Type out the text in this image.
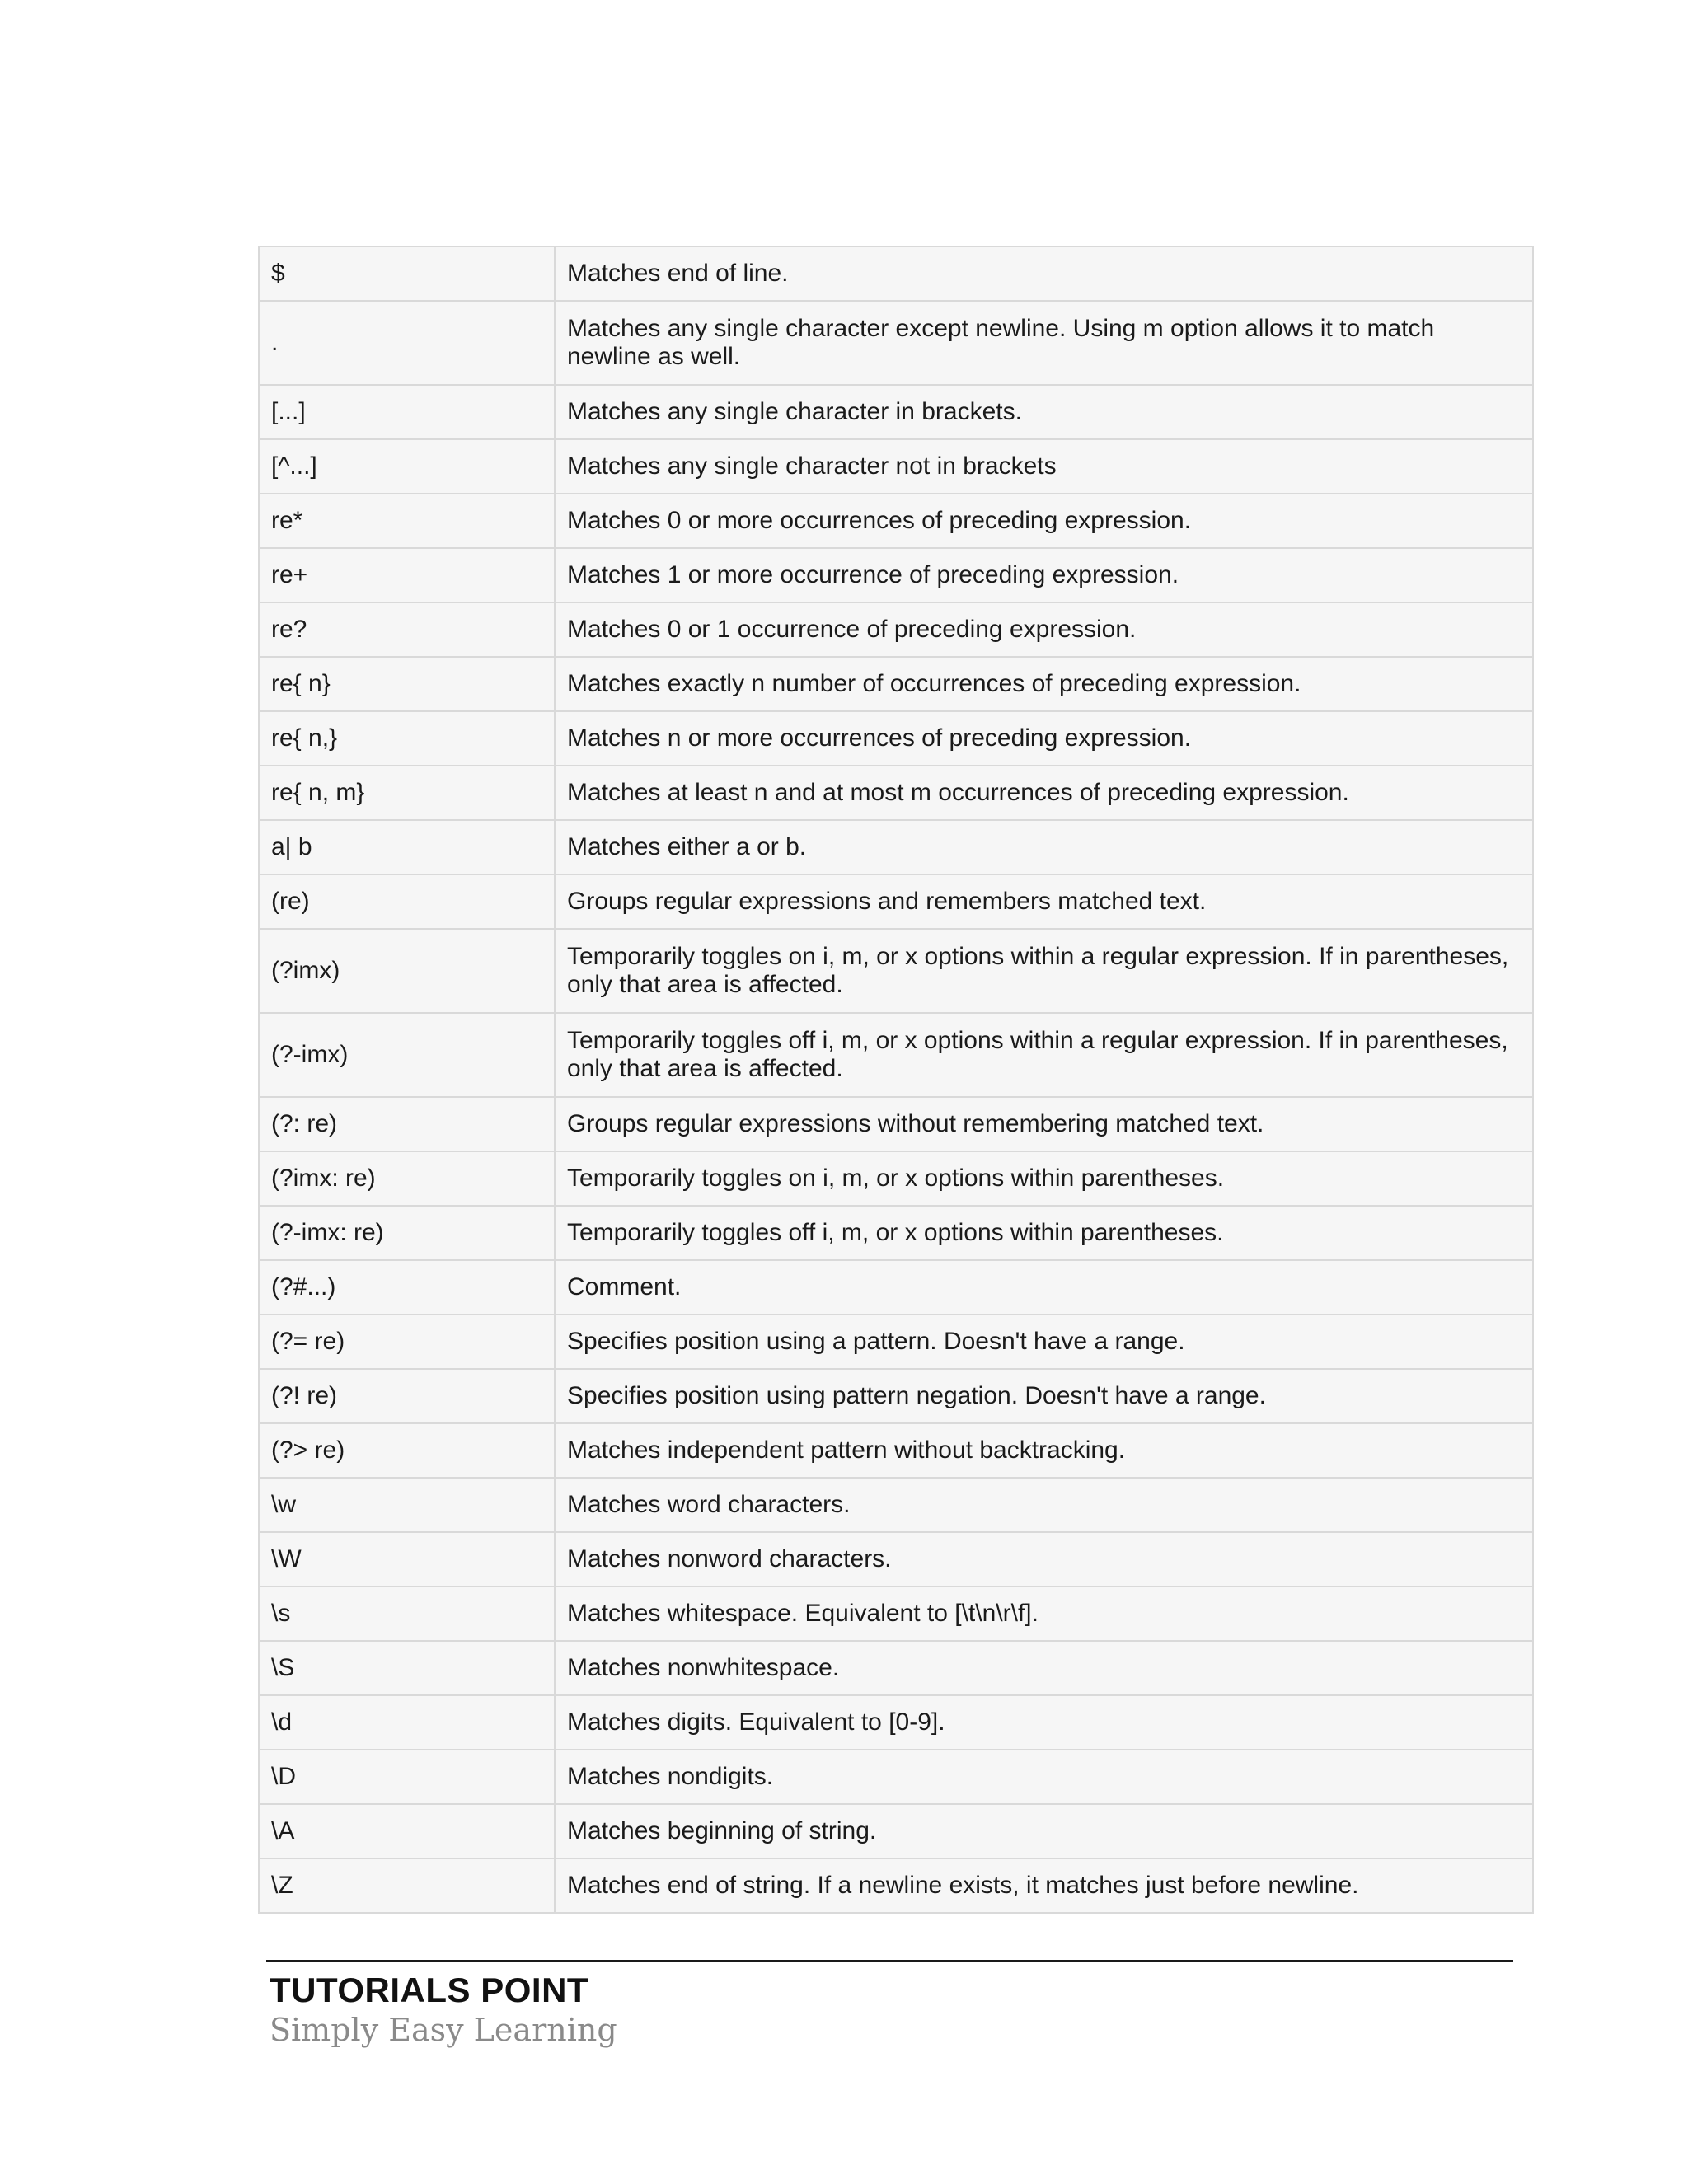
$	Matches end of line.
.	Matches any single character except newline. Using m option allows it to match newline as well.
[...]	Matches any single character in brackets.
[^...]	Matches any single character not in brackets
re*	Matches 0 or more occurrences of preceding expression.
re+	Matches 1 or more occurrence of preceding expression.
re?	Matches 0 or 1 occurrence of preceding expression.
re{ n}	Matches exactly n number of occurrences of preceding expression.
re{ n,}	Matches n or more occurrences of preceding expression.
re{ n, m}	Matches at least n and at most m occurrences of preceding expression.
a| b	Matches either a or b.
(re)	Groups regular expressions and remembers matched text.
(?imx)	Temporarily toggles on i, m, or x options within a regular expression. If in parentheses, only that area is affected.
(?-imx)	Temporarily toggles off i, m, or x options within a regular expression. If in parentheses, only that area is affected.
(?: re)	Groups regular expressions without remembering matched text.
(?imx: re)	Temporarily toggles on i, m, or x options within parentheses.
(?-imx: re)	Temporarily toggles off i, m, or x options within parentheses.
(?#...)	Comment.
(?= re)	Specifies position using a pattern. Doesn't have a range.
(?! re)	Specifies position using pattern negation. Doesn't have a range.
(?> re)	Matches independent pattern without backtracking.
\w	Matches word characters.
\W	Matches nonword characters.
\s	Matches whitespace. Equivalent to [\t\n\r\f].
\S	Matches nonwhitespace.
\d	Matches digits. Equivalent to [0-9].
\D	Matches nondigits.
\A	Matches beginning of string.
\Z	Matches end of string. If a newline exists, it matches just before newline.
TUTORIALS POINT
Simply Easy Learning
